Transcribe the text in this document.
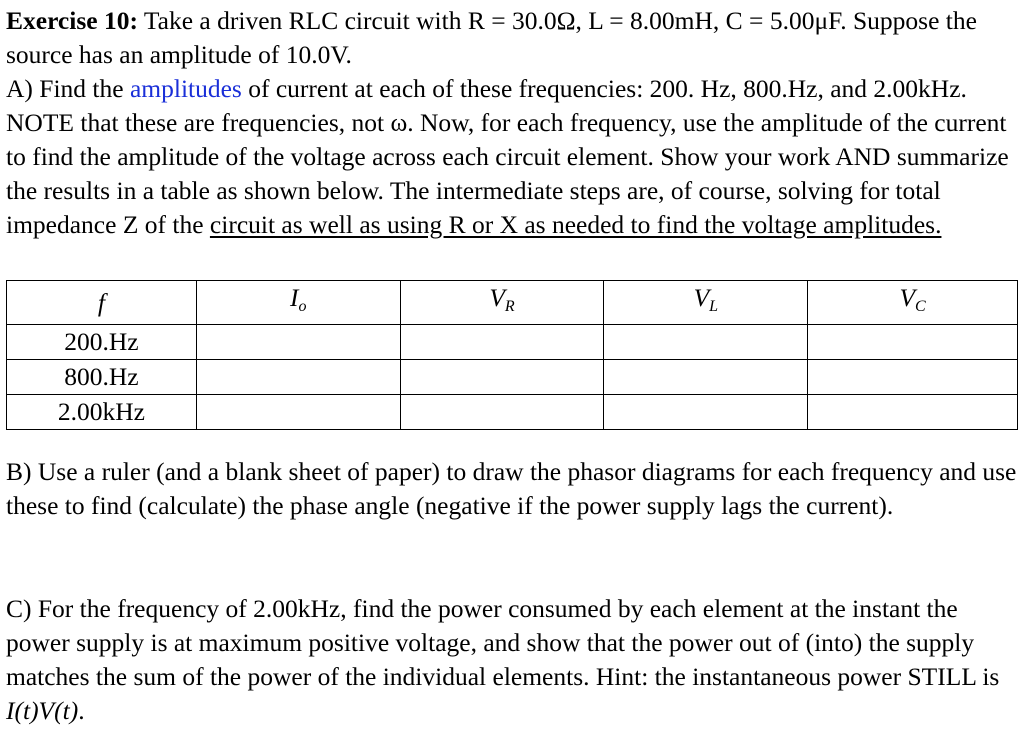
Exercise 10: Take a driven RLC circuit with R = 30.0Ω, L = 8.00mH, C = 5.00μF. Suppose the source has an amplitude of 10.0V.

A) Find the amplitudes of current at each of these frequencies: 200. Hz, 800.Hz, and 2.00kHz. NOTE that these are frequencies, not ω. Now, for each frequency, use the amplitude of the current to find the amplitude of the voltage across each circuit element. Show your work AND summarize the results in a table as shown below. The intermediate steps are, of course, solving for total impedance Z of the circuit as well as using R or X as needed to find the voltage amplitudes.

f	$I_o$	$V_R$	$V_L$	$V_C$
200.Hz				
800.Hz				
2.00kHz				

B) Use a ruler (and a blank sheet of paper) to draw the phasor diagrams for each frequency and use these to find (calculate) the phase angle (negative if the power supply lags the current).

C) For the frequency of 2.00kHz, find the power consumed by each element at the instant the power supply is at maximum positive voltage, and show that the power out of (into) the supply matches the sum of the power of the individual elements. Hint: the instantaneous power STILL is I(t)V(t).
